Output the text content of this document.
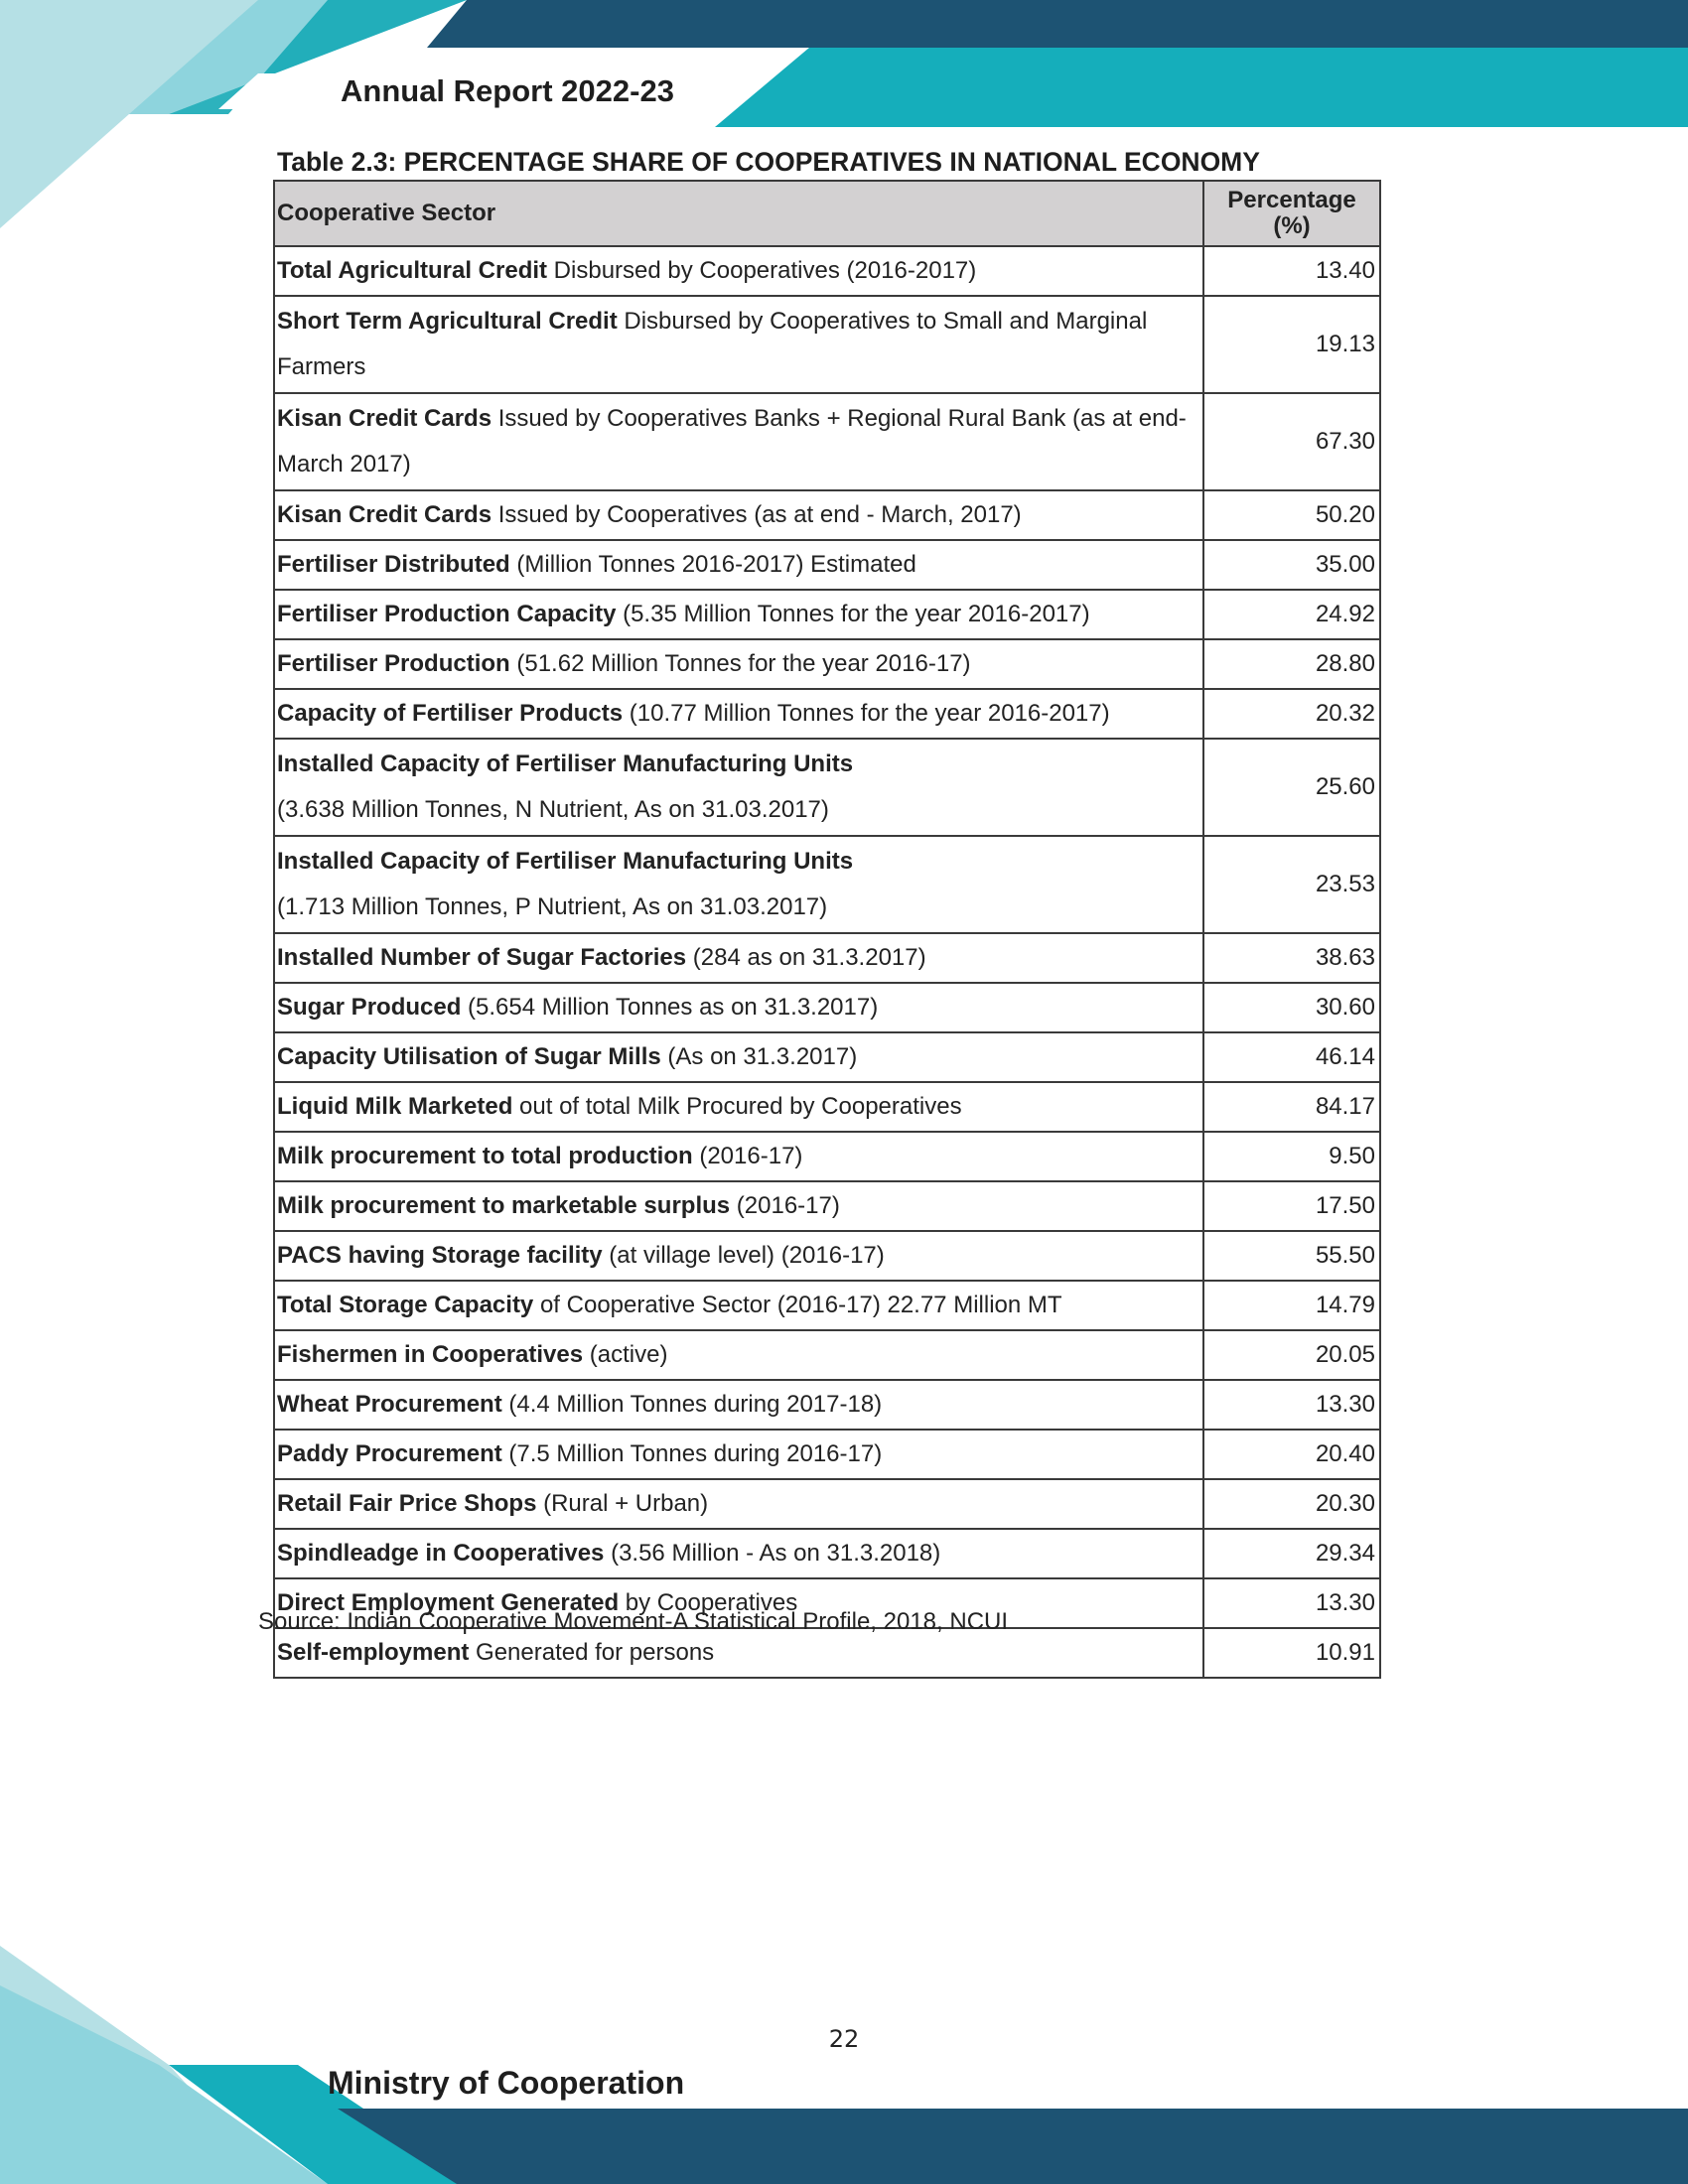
Annual Report 2022-23

Table 2.3: PERCENTAGE SHARE OF COOPERATIVES IN NATIONAL ECONOMY

Cooperative Sector	Percentage
(%)
Total Agricultural Credit Disbursed by Cooperatives (2016-2017)	13.40
Short Term Agricultural Credit Disbursed by Cooperatives to Small and Marginal Farmers	19.13
Kisan Credit Cards Issued by Cooperatives Banks + Regional Rural Bank (as at end- March 2017)	67.30
Kisan Credit Cards Issued by Cooperatives (as at end - March, 2017)	50.20
Fertiliser Distributed (Million Tonnes 2016-2017) Estimated	35.00
Fertiliser Production Capacity (5.35 Million Tonnes for the year 2016-2017)	24.92
Fertiliser Production (51.62 Million Tonnes for the year 2016-17)	28.80
Capacity of Fertiliser Products (10.77 Million Tonnes for the year 2016-2017)	20.32
Installed Capacity of Fertiliser Manufacturing Units
(3.638 Million Tonnes, N Nutrient, As on 31.03.2017)	25.60
Installed Capacity of Fertiliser Manufacturing Units
(1.713 Million Tonnes, P Nutrient, As on 31.03.2017)	23.53
Installed Number of Sugar Factories (284 as on 31.3.2017)	38.63
Sugar Produced (5.654 Million Tonnes as on 31.3.2017)	30.60
Capacity Utilisation of Sugar Mills (As on 31.3.2017)	46.14
Liquid Milk Marketed out of total Milk Procured by Cooperatives	84.17
Milk procurement to total production (2016-17)	9.50
Milk procurement to marketable surplus (2016-17)	17.50
PACS having Storage facility (at village level) (2016-17)	55.50
Total Storage Capacity of Cooperative Sector (2016-17) 22.77 Million MT	14.79
Fishermen in Cooperatives (active)	20.05
Wheat Procurement (4.4 Million Tonnes during 2017-18)	13.30
Paddy Procurement (7.5 Million Tonnes during 2016-17)	20.40
Retail Fair Price Shops (Rural + Urban)	20.30
Spindleadge in Cooperatives (3.56 Million - As on 31.3.2018)	29.34
Direct Employment Generated by Cooperatives	13.30
Self-employment Generated for persons	10.91

Source: Indian Cooperative Movement-A Statistical Profile, 2018, NCUI

22
Ministry of Cooperation
